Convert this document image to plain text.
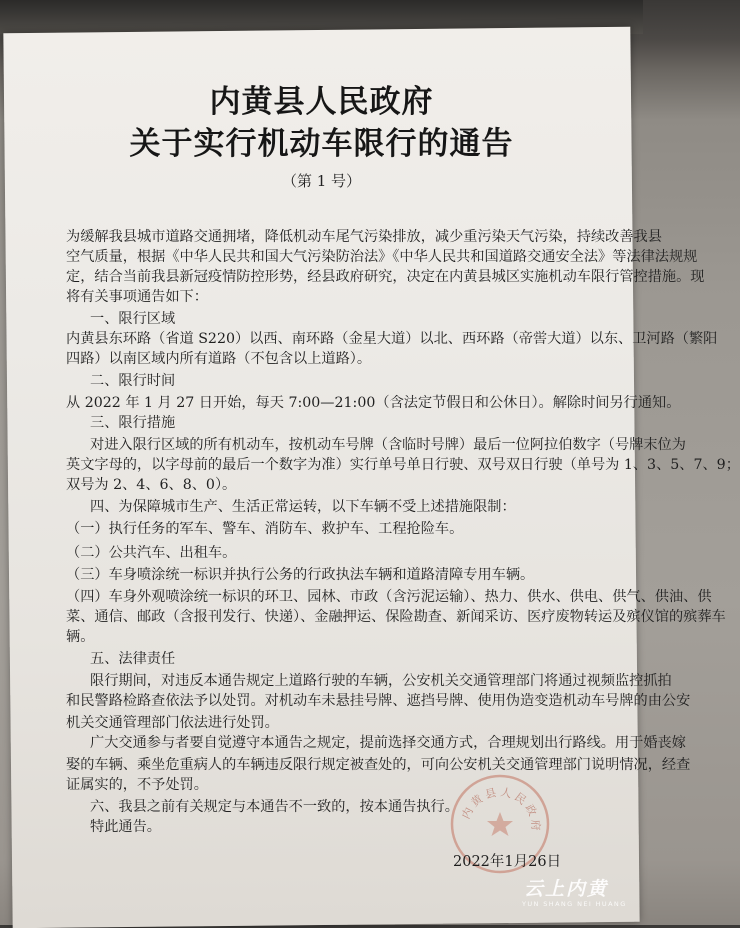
内黄县人民政府
关于实行机动车限行的通告
（第 1 号）
为缓解我县城市道路交通拥堵，降低机动车尾气污染排放，减少重污染天气污染，持续改善我县
空气质量，根据《中华人民共和国大气污染防治法》《中华人民共和国道路交通安全法》等法律法规规
定，结合当前我县新冠疫情防控形势，经县政府研究，决定在内黄县城区实施机动车限行管控措施。现
将有关事项通告如下：
一、限行区域
内黄县东环路（省道 S220）以西、南环路（金星大道）以北、西环路（帝喾大道）以东、卫河路（繁阳
四路）以南区域内所有道路（不包含以上道路）。
二、限行时间
从 2022 年 1 月 27 日开始，每天 7:00—21:00（含法定节假日和公休日）。解除时间另行通知。
三、限行措施
对进入限行区域的所有机动车，按机动车号牌（含临时号牌）最后一位阿拉伯数字（号牌末位为
英文字母的，以字母前的最后一个数字为准）实行单号单日行驶、双号双日行驶（单号为 1、3、5、7、9；
双号为 2、4、6、8、0）。
四、为保障城市生产、生活正常运转，以下车辆不受上述措施限制：
（一）执行任务的军车、警车、消防车、救护车、工程抢险车。
（二）公共汽车、出租车。
（三）车身喷涂统一标识并执行公务的行政执法车辆和道路清障专用车辆。
（四）车身外观喷涂统一标识的环卫、园林、市政（含污泥运输）、热力、供水、供电、供气、供油、供
菜、通信、邮政（含报刊发行、快递）、金融押运、保险勘查、新闻采访、医疗废物转运及殡仪馆的殡葬车
辆。
五、法律责任
限行期间，对违反本通告规定上道路行驶的车辆，公安机关交通管理部门将通过视频监控抓拍
和民警路检路查依法予以处罚。对机动车未悬挂号牌、遮挡号牌、使用伪造变造机动车号牌的由公安
机关交通管理部门依法进行处罚。
广大交通参与者要自觉遵守本通告之规定，提前选择交通方式，合理规划出行路线。用于婚丧嫁
娶的车辆、乘坐危重病人的车辆违反限行规定被查处的，可向公安机关交通管理部门说明情况，经查
证属实的，不予处罚。
六、我县之前有关规定与本通告不一致的，按本通告执行。
特此通告。
内黄县人民政府
2022年1月26日
云上内黄
YUN SHANG NEI HUANG
